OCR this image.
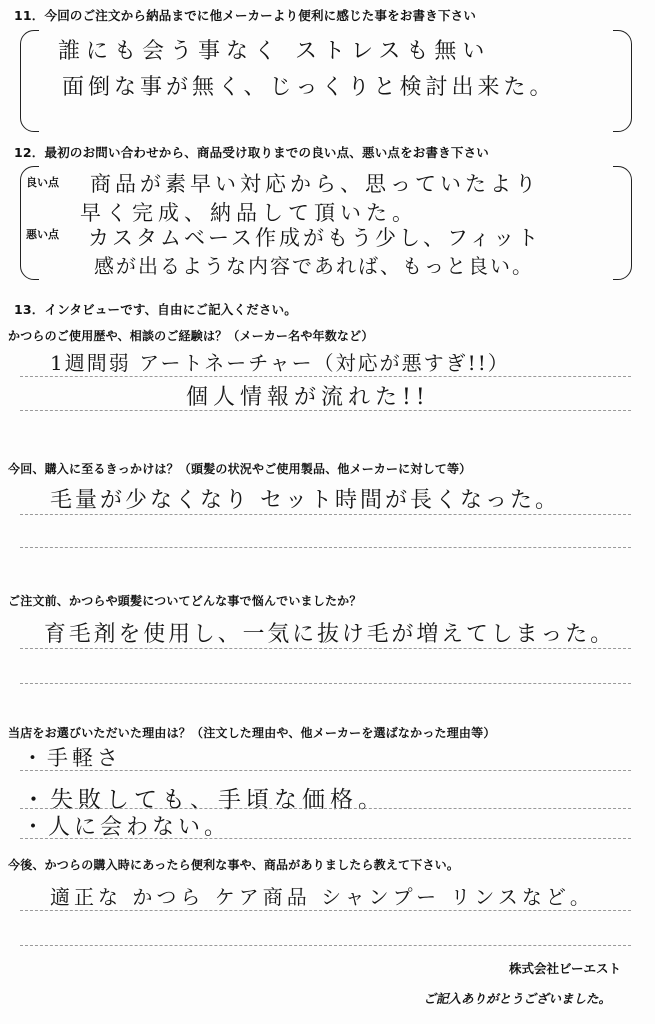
11．今回のご注文から納品までに他メーカーより便利に感じた事をお書き下さい
誰にも会う事なく ストレスも無い
面倒な事が無く、じっくりと検討出来た。
12．最初のお問い合わせから、商品受け取りまでの良い点、悪い点をお書き下さい
良い点
悪い点
商品が素早い対応から、思っていたより
早く完成、納品して頂いた。
カスタムベース作成がもう少し、フィット
感が出るような内容であれば、もっと良い。
13．インタビューです、自由にご記入ください。
かつらのご使用歴や、相談のご経験は？（メーカー名や年数など）
1週間弱 アートネーチャー（対応が悪すぎ!!）
個人情報が流れた!!
今回、購入に至るきっかけは？（頭髪の状況やご使用製品、他メーカーに対して等）
毛量が少なくなり セット時間が長くなった。
ご注文前、かつらや頭髪についてどんな事で悩んでいましたか？
育毛剤を使用し、一気に抜け毛が増えてしまった。
当店をお選びいただいた理由は？（注文した理由や、他メーカーを選ばなかった理由等）
・手軽さ
・失敗しても、手頃な価格。
・人に会わない。
今後、かつらの購入時にあったら便利な事や、商品がありましたら教えて下さい。
適正な かつら ケア商品 シャンプー リンスなど。
株式会社ビーエスト
ご記入ありがとうございました。
